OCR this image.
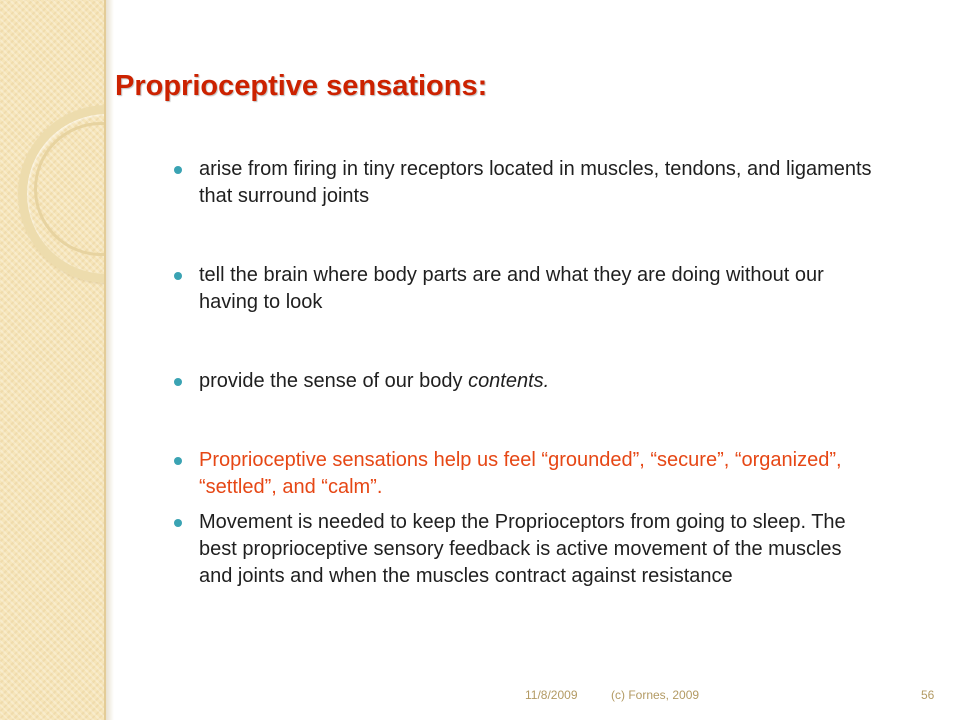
Proprioceptive sensations:
arise from firing in tiny receptors located in muscles, tendons, and ligaments that surround joints
tell the brain where body parts are and what they are doing without our having to look
provide the sense of our body contents.
Proprioceptive sensations help us feel “grounded”, “secure”, “organized”, “settled”, and “calm”.
Movement is needed to keep the Proprioceptors from going to sleep. The best proprioceptive sensory feedback is active movement of the muscles and joints and when the muscles contract against resistance
11/8/2009	(c) Fornes, 2009	56
